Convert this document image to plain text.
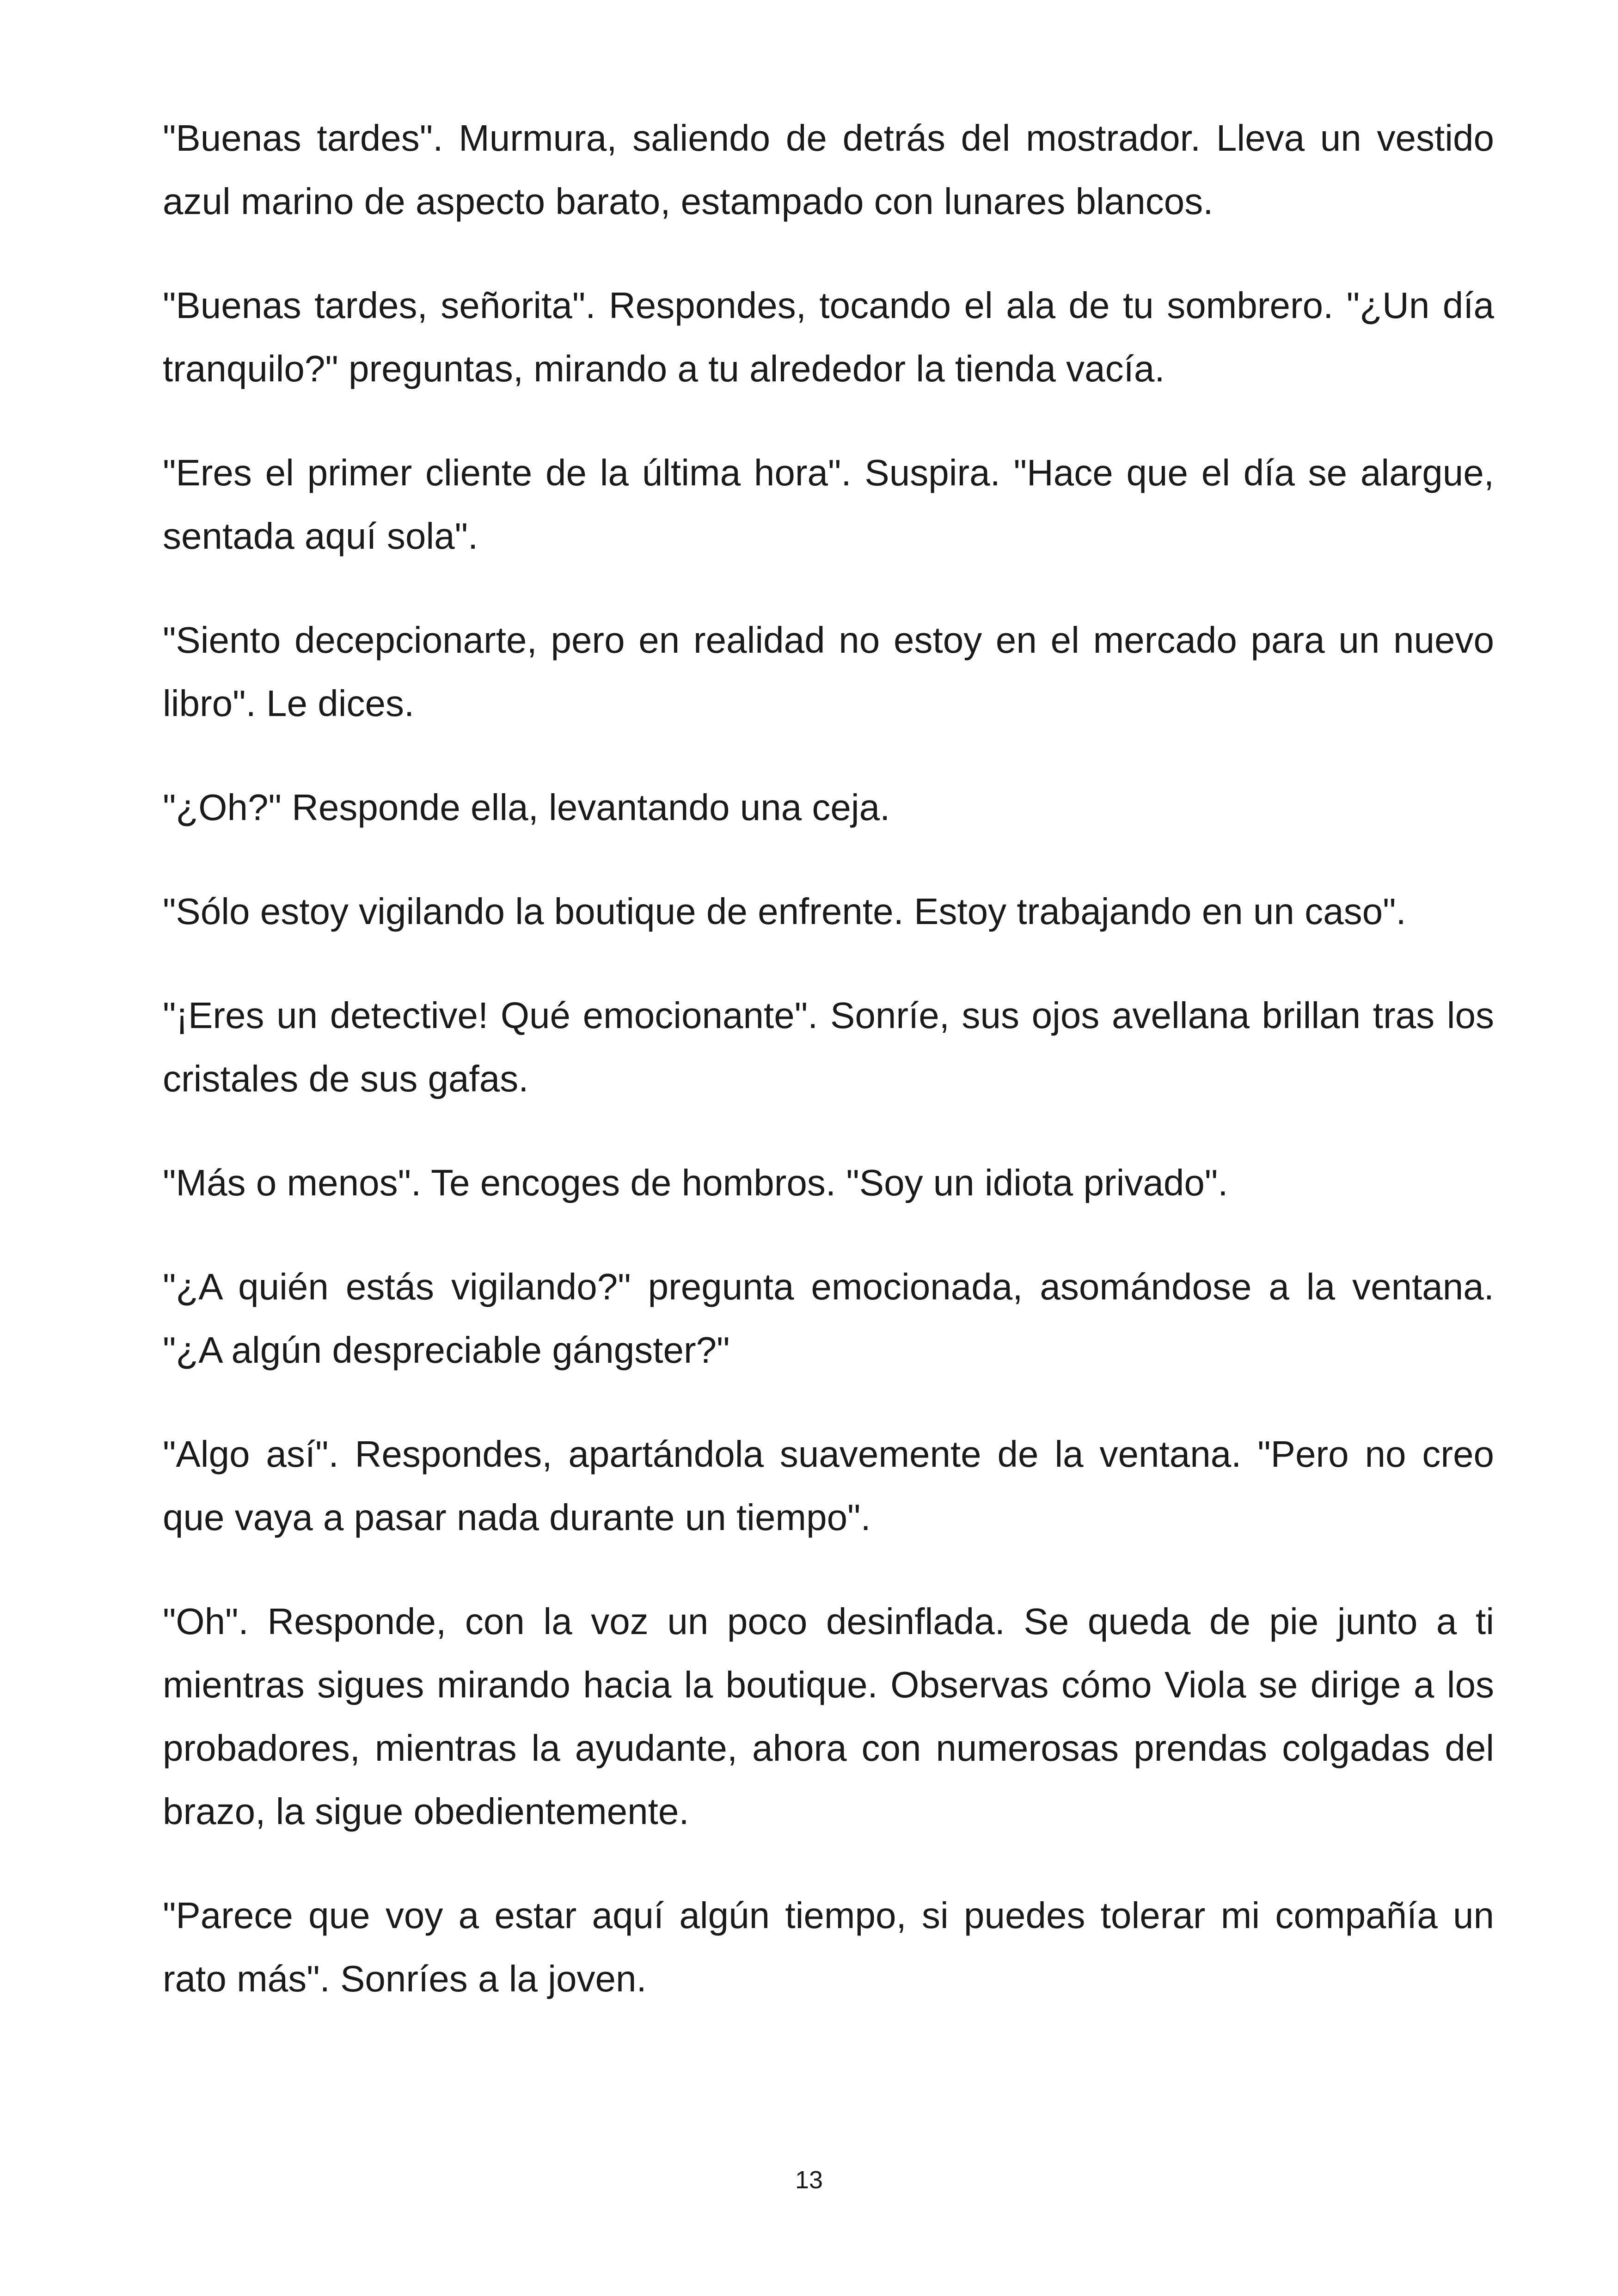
"Buenas tardes". Murmura, saliendo de detrás del mostrador. Lleva un vestido azul marino de aspecto barato, estampado con lunares blancos.

"Buenas tardes, señorita". Respondes, tocando el ala de tu sombrero. "¿Un día tranquilo?" preguntas, mirando a tu alrededor la tienda vacía.

"Eres el primer cliente de la última hora". Suspira. "Hace que el día se alargue, sentada aquí sola".

"Siento decepcionarte, pero en realidad no estoy en el mercado para un nuevo libro". Le dices.

"¿Oh?" Responde ella, levantando una ceja.

"Sólo estoy vigilando la boutique de enfrente. Estoy trabajando en un caso".

"¡Eres un detective! Qué emocionante". Sonríe, sus ojos avellana brillan tras los cristales de sus gafas.

"Más o menos". Te encoges de hombros. "Soy un idiota privado".

"¿A quién estás vigilando?" pregunta emocionada, asomándose a la ventana. "¿A algún despreciable gángster?"

"Algo así". Respondes, apartándola suavemente de la ventana. "Pero no creo que vaya a pasar nada durante un tiempo".

"Oh". Responde, con la voz un poco desinflada. Se queda de pie junto a ti mientras sigues mirando hacia la boutique. Observas cómo Viola se dirige a los probadores, mientras la ayudante, ahora con numerosas prendas colgadas del brazo, la sigue obedientemente.

"Parece que voy a estar aquí algún tiempo, si puedes tolerar mi compañía un rato más". Sonríes a la joven.

13
